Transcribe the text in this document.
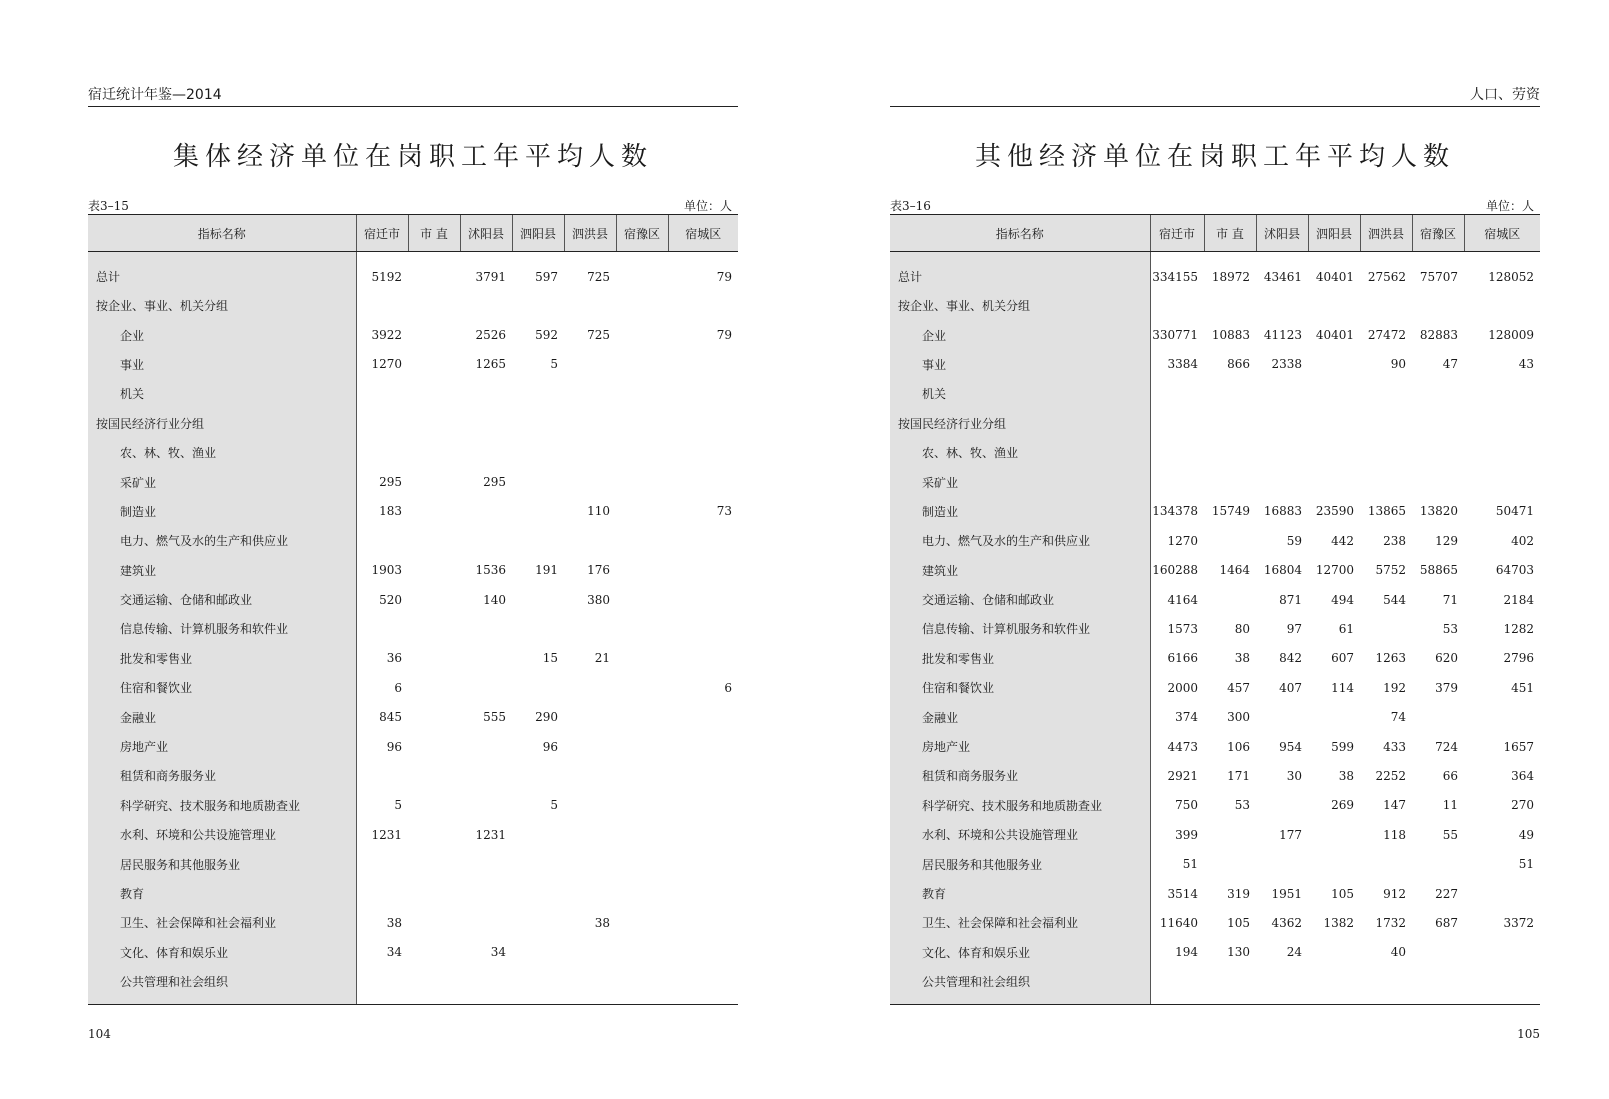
宿迁统计年鉴—2014
集体经济单位在岗职工年平均人数
表3–15	单位：人
指标名称	宿迁市	市 直	沭阳县	泗阳县	泗洪县	宿豫区	宿城区
总计	5192		3791	597	725		79
按企业、事业、机关分组							
企业	3922		2526	592	725		79
事业	1270		1265	5			
机关							
按国民经济行业分组							
农、林、牧、渔业							
采矿业	295		295				
制造业	183				110		73
电力、燃气及水的生产和供应业							
建筑业	1903		1536	191	176		
交通运输、仓储和邮政业	520		140		380		
信息传输、计算机服务和软件业							
批发和零售业	36			15	21		
住宿和餐饮业	6						6
金融业	845		555	290			
房地产业	96			96			
租赁和商务服务业							
科学研究、技术服务和地质勘查业	5			5			
水利、环境和公共设施管理业	1231		1231				
居民服务和其他服务业							
教育							
卫生、社会保障和社会福利业	38				38		
文化、体育和娱乐业	34		34				
公共管理和社会组织							
104
人口、劳资
其他经济单位在岗职工年平均人数
表3–16	单位：人
指标名称	宿迁市	市 直	沭阳县	泗阳县	泗洪县	宿豫区	宿城区
总计	334155	18972	43461	40401	27562	75707	128052
按企业、事业、机关分组							
企业	330771	10883	41123	40401	27472	82883	128009
事业	3384	866	2338		90	47	43
机关							
按国民经济行业分组							
农、林、牧、渔业							
采矿业							
制造业	134378	15749	16883	23590	13865	13820	50471
电力、燃气及水的生产和供应业	1270		59	442	238	129	402
建筑业	160288	1464	16804	12700	5752	58865	64703
交通运输、仓储和邮政业	4164		871	494	544	71	2184
信息传输、计算机服务和软件业	1573	80	97	61		53	1282
批发和零售业	6166	38	842	607	1263	620	2796
住宿和餐饮业	2000	457	407	114	192	379	451
金融业	374	300			74		
房地产业	4473	106	954	599	433	724	1657
租赁和商务服务业	2921	171	30	38	2252	66	364
科学研究、技术服务和地质勘查业	750	53		269	147	11	270
水利、环境和公共设施管理业	399		177		118	55	49
居民服务和其他服务业	51						51
教育	3514	319	1951	105	912	227	
卫生、社会保障和社会福利业	11640	105	4362	1382	1732	687	3372
文化、体育和娱乐业	194	130	24		40		
公共管理和社会组织							
105
